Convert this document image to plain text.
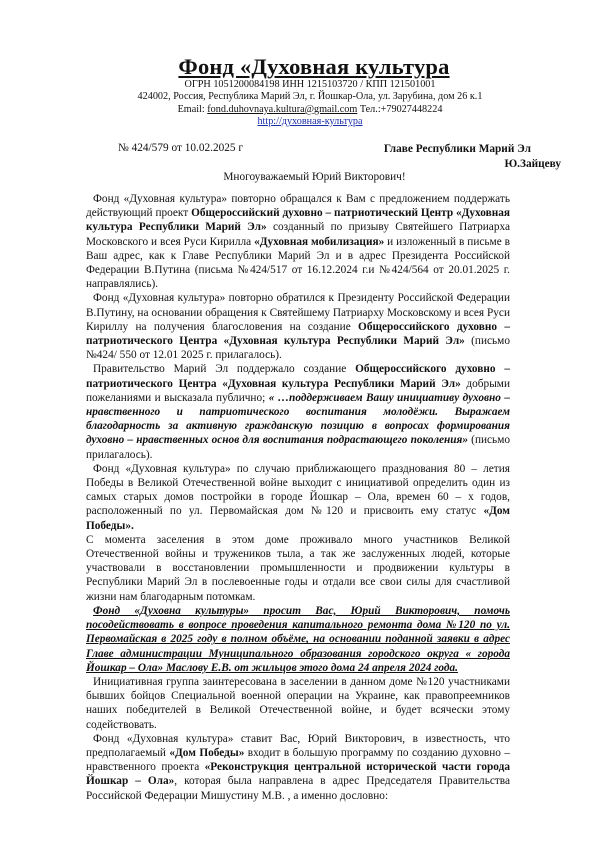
Фонд «Духовная культура

ОГРН 1051200084198 ИНН 1215103720 / КПП 121501001

424002, Россия, Республика Марий Эл, г. Йошкар-Ола, ул. Зарубина, дом 26 к.1

Email: fond.duhovnaya.kultura@gmail.com Тел.:+79027448224

http://духовная-культура

№ 424/579 от 10.02.2025 г	Главе Республики Марий Эл
Ю.Зайцеву
Многоуважаемый Юрий Викторович!

Фонд «Духовная культура» повторно обращался к Вам с предложением поддержать действующий проект Общероссийский духовно – патриотический Центр «Духовная культура Республики Марий Эл» созданный по призыву Святейшего Патриарха Московского и всея Руси Кирилла «Духовная мобилизация» и изложенный в письме в Ваш адрес, как к Главе Республики Марий Эл и в адрес Президента Российской Федерации В.Путина (письма №424/517 от 16.12.2024 г.и №424/564 от 20.01.2025 г. направлялись).

Фонд «Духовная культура» повторно обратился к Президенту Российской Федерации В.Путину, на основании обращения к Святейшему Патриарху Московскому и всея Руси Кириллу на получения благословения на создание Общероссийского духовно – патриотического Центра «Духовная культура Республики Марий Эл» (письмо №424/ 550 от 12.01 2025 г. прилагалось).

Правительство Марий Эл поддержало создание Общероссийского духовно – патриотического Центра «Духовная культура Республики Марий Эл» добрыми пожеланиями и высказала публично; « …поддерживаем Вашу инициативу духовно – нравственного и патриотического воспитания молодёжи. Выражаем благодарность за активную гражданскую позицию в вопросах формирования духовно – нравственных основ для воспитания подрастающего поколения» (письмо прилагалось).

Фонд «Духовная культура» по случаю приближающего празднования 80 – летия Победы в Великой Отечественной войне выходит с инициативой определить один из самых старых домов постройки в городе Йошкар – Ола, времен 60 – х годов, расположенный по ул. Первомайская дом №120 и присвоить ему статус «Дом Победы».

С момента заселения в этом доме проживало много участников Великой Отечественной войны и тружеников тыла, а так же заслуженных людей, которые участвовали в восстановлении промышленности и продвижении культуры в Республики Марий Эл в послевоенные годы и отдали все свои силы для счастливой жизни нам благодарным потомкам.

Фонд «Духовна культуры» просит Вас, Юрий Викторович, помочь посодействовать в вопросе проведения капитального ремонта дома №120 по ул. Первомайская в 2025 году в полном объёме, на основании поданной заявки в адрес Главе администрации Муниципального образования городского округа « города Йошкар – Ола» Маслову Е.В. от жильцов этого дома 24 апреля 2024 года.

Инициативная группа заинтересована в заселении в данном доме №120 участниками бывших бойцов Специальной военной операции на Украине, как правопреемников наших победителей в Великой Отечественной войне, и будет всячески этому содействовать.

Фонд «Духовная культура» ставит Вас, Юрий Викторович, в известность, что предполагаемый «Дом Победы» входит в большую программу по созданию духовно – нравственного проекта «Реконструкция центральной исторической части города Йошкар – Ола», которая была направлена в адрес Председателя Правительства Российской Федерации Мишустину М.В. , а именно дословно:
